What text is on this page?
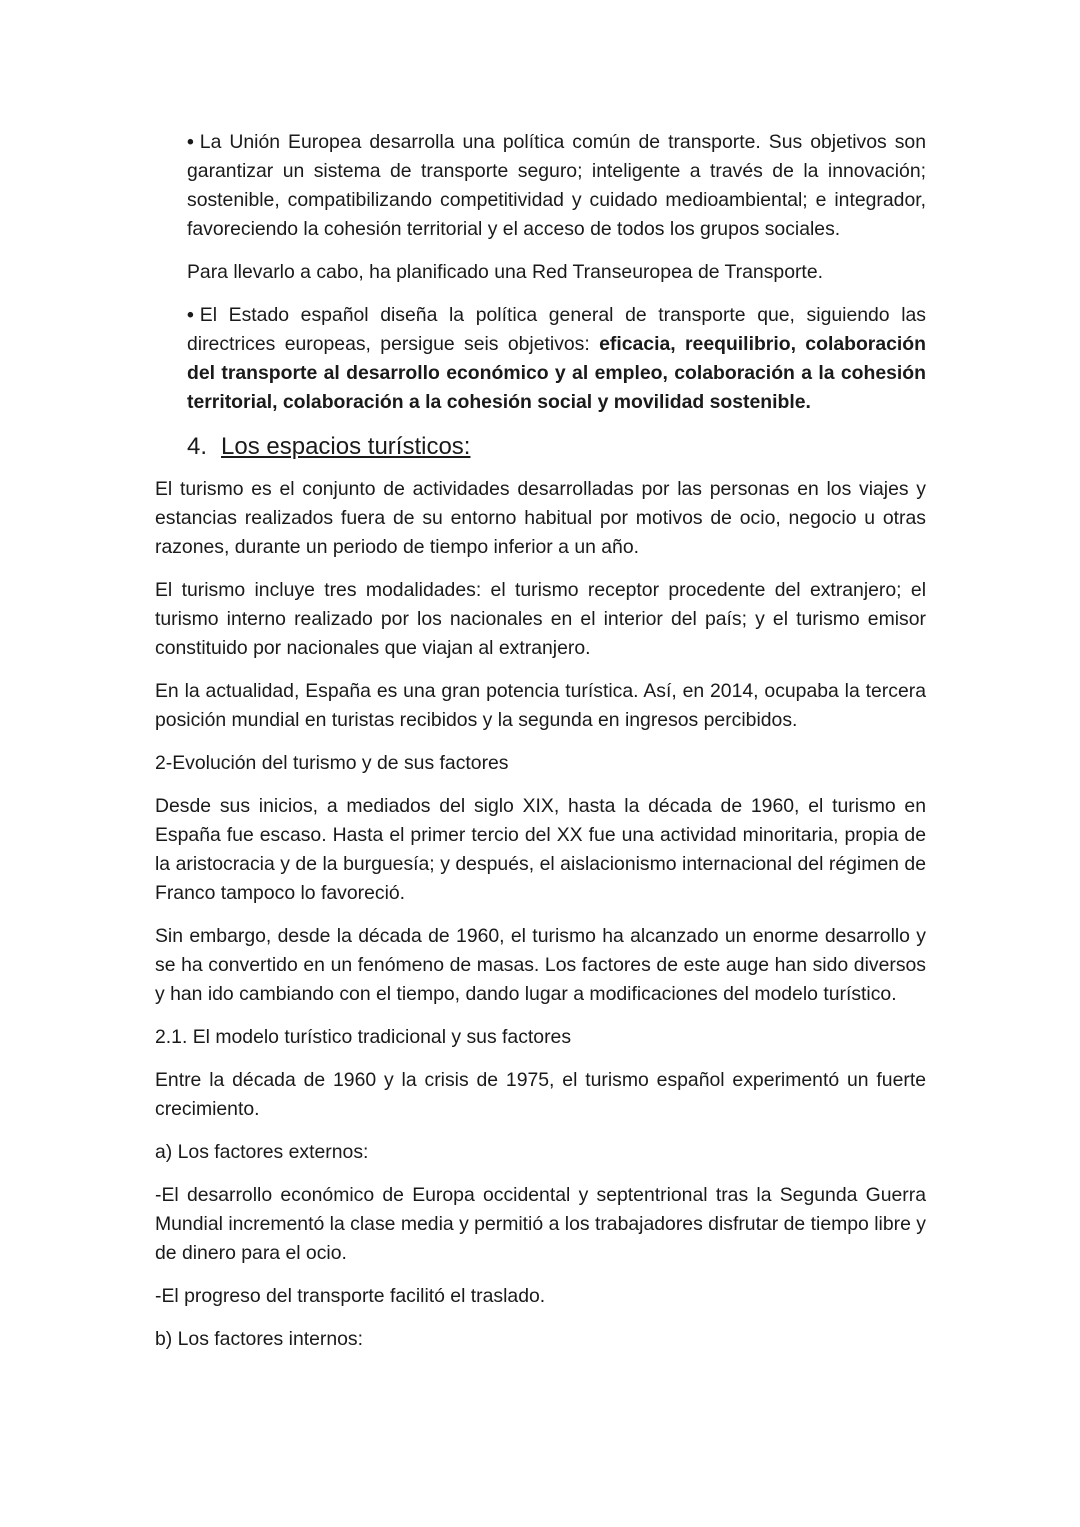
• La Unión Europea desarrolla una política común de transporte. Sus objetivos son garantizar un sistema de transporte seguro; inteligente a través de la innovación; sostenible, compatibilizando competitividad y cuidado medioambiental; e integrador, favoreciendo la cohesión territorial y el acceso de todos los grupos sociales.

Para llevarlo a cabo, ha planificado una Red Transeuropea de Transporte.

• El Estado español diseña la política general de transporte que, siguiendo las directrices europeas, persigue seis objetivos: eficacia, reequilibrio, colaboración del transporte al desarrollo económico y al empleo, colaboración a la cohesión territorial, colaboración a la cohesión social y movilidad sostenible.

4. Los espacios turísticos:

El turismo es el conjunto de actividades desarrolladas por las personas en los viajes y estancias realizados fuera de su entorno habitual por motivos de ocio, negocio u otras razones, durante un periodo de tiempo inferior a un año.

El turismo incluye tres modalidades: el turismo receptor procedente del extranjero; el turismo interno realizado por los nacionales en el interior del país; y el turismo emisor constituido por nacionales que viajan al extranjero.

En la actualidad, España es una gran potencia turística. Así, en 2014, ocupaba la tercera posición mundial en turistas recibidos y la segunda en ingresos percibidos.

2-Evolución del turismo y de sus factores

Desde sus inicios, a mediados del siglo XIX, hasta la década de 1960, el turismo en España fue escaso. Hasta el primer tercio del XX fue una actividad minoritaria, propia de la aristocracia y de la burguesía; y después, el aislacionismo internacional del régimen de Franco tampoco lo favoreció.

Sin embargo, desde la década de 1960, el turismo ha alcanzado un enorme desarrollo y se ha convertido en un fenómeno de masas. Los factores de este auge han sido diversos y han ido cambiando con el tiempo, dando lugar a modificaciones del modelo turístico.

2.1. El modelo turístico tradicional y sus factores

Entre la década de 1960 y la crisis de 1975, el turismo español experimentó un fuerte crecimiento.

a) Los factores externos:

-El desarrollo económico de Europa occidental y septentrional tras la Segunda Guerra Mundial incrementó la clase media y permitió a los trabajadores disfrutar de tiempo libre y de dinero para el ocio.

-El progreso del transporte facilitó el traslado.

b) Los factores internos:
